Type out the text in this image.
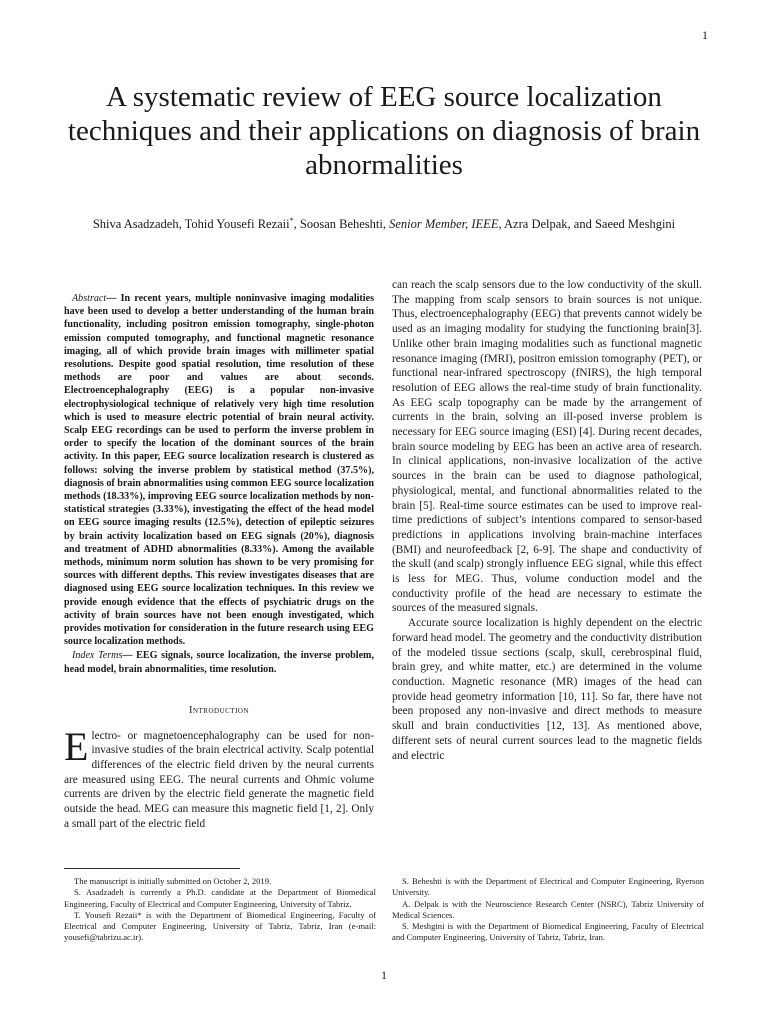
1
A systematic review of EEG source localization techniques and their applications on diagnosis of brain abnormalities
Shiva Asadzadeh, Tohid Yousefi Rezaii*, Soosan Beheshti, Senior Member, IEEE, Azra Delpak, and Saeed Meshgini

Abstract— In recent years, multiple noninvasive imaging modalities have been used to develop a better understanding of the human brain functionality, including positron emission tomography, single-photon emission computed tomography, and functional magnetic resonance imaging, all of which provide brain images with millimeter spatial resolutions. Despite good spatial resolution, time resolution of these methods are poor and values are about seconds. Electroencephalography (EEG) is a popular non-invasive electrophysiological technique of relatively very high time resolution which is used to measure electric potential of brain neural activity. Scalp EEG recordings can be used to perform the inverse problem in order to specify the location of the dominant sources of the brain activity. In this paper, EEG source localization research is clustered as follows: solving the inverse problem by statistical method (37.5%), diagnosis of brain abnormalities using common EEG source localization methods (18.33%), improving EEG source localization methods by non-statistical strategies (3.33%), investigating the effect of the head model on EEG source imaging results (12.5%), detection of epileptic seizures by brain activity localization based on EEG signals (20%), diagnosis and treatment of ADHD abnormalities (8.33%). Among the available methods, minimum norm solution has shown to be very promising for sources with different depths. This review investigates diseases that are diagnosed using EEG source localization techniques. In this review we provide enough evidence that the effects of psychiatric drugs on the activity of brain sources have not been enough investigated, which provides motivation for consideration in the future research using EEG source localization methods.

Index Terms— EEG signals, source localization, the inverse problem, head model, brain abnormalities, time resolution.

Introduction

Electro- or magnetoencephalography can be used for non-invasive studies of the brain electrical activity. Scalp potential differences of the electric field driven by the neural currents are measured using EEG. The neural currents and Ohmic volume currents are driven by the electric field generate the magnetic field outside the head. MEG can measure this magnetic field [1, 2]. Only a small part of the electric field

can reach the scalp sensors due to the low conductivity of the skull. The mapping from scalp sensors to brain sources is not unique. Thus, electroencephalography (EEG) that prevents cannot widely be used as an imaging modality for studying the functioning brain[3]. Unlike other brain imaging modalities such as functional magnetic resonance imaging (fMRI), positron emission tomography (PET), or functional near-infrared spectroscopy (fNIRS), the high temporal resolution of EEG allows the real-time study of brain functionality. As EEG scalp topography can be made by the arrangement of currents in the brain, solving an ill-posed inverse problem is necessary for EEG source imaging (ESI) [4]. During recent decades, brain source modeling by EEG has been an active area of research. In clinical applications, non-invasive localization of the active sources in the brain can be used to diagnose pathological, physiological, mental, and functional abnormalities related to the brain [5]. Real-time source estimates can be used to improve real-time predictions of subject’s intentions compared to sensor-based predictions in applications involving brain-machine interfaces (BMI) and neurofeedback [2, 6-9]. The shape and conductivity of the skull (and scalp) strongly influence EEG signal, while this effect is less for MEG. Thus, volume conduction model and the conductivity profile of the head are necessary to estimate the sources of the measured signals.

Accurate source localization is highly dependent on the electric forward head model. The geometry and the conductivity distribution of the modeled tissue sections (scalp, skull, cerebrospinal fluid, brain grey, and white matter, etc.) are determined in the volume conduction. Magnetic resonance (MR) images of the head can provide head geometry information [10, 11]. So far, there have not been proposed any non-invasive and direct methods to measure skull and brain conductivities [12, 13]. As mentioned above, different sets of neural current sources lead to the magnetic fields and electric

The manuscript is initially submitted on October 2, 2019.

S. Asadzadeh is currently a Ph.D. candidate at the Department of Biomedical Engineering, Faculty of Electrical and Computer Engineering, University of Tabriz.

T. Yousefi Rezaii* is with the Department of Biomedical Engineering, Faculty of Electrical and Computer Engineering, University of Tabriz, Tabriz, Iran (e-mail: yousefi@tabrizu.ac.ir).

S. Beheshti is with the Department of Electrical and Computer Engineering, Ryerson University.

A. Delpak is with the Neuroscience Research Center (NSRC), Tabriz University of Medical Sciences.

S. Meshgini is with the Department of Biomedical Engineering, Faculty of Electrical and Computer Engineering, University of Tabriz, Tabriz, Iran.

1
